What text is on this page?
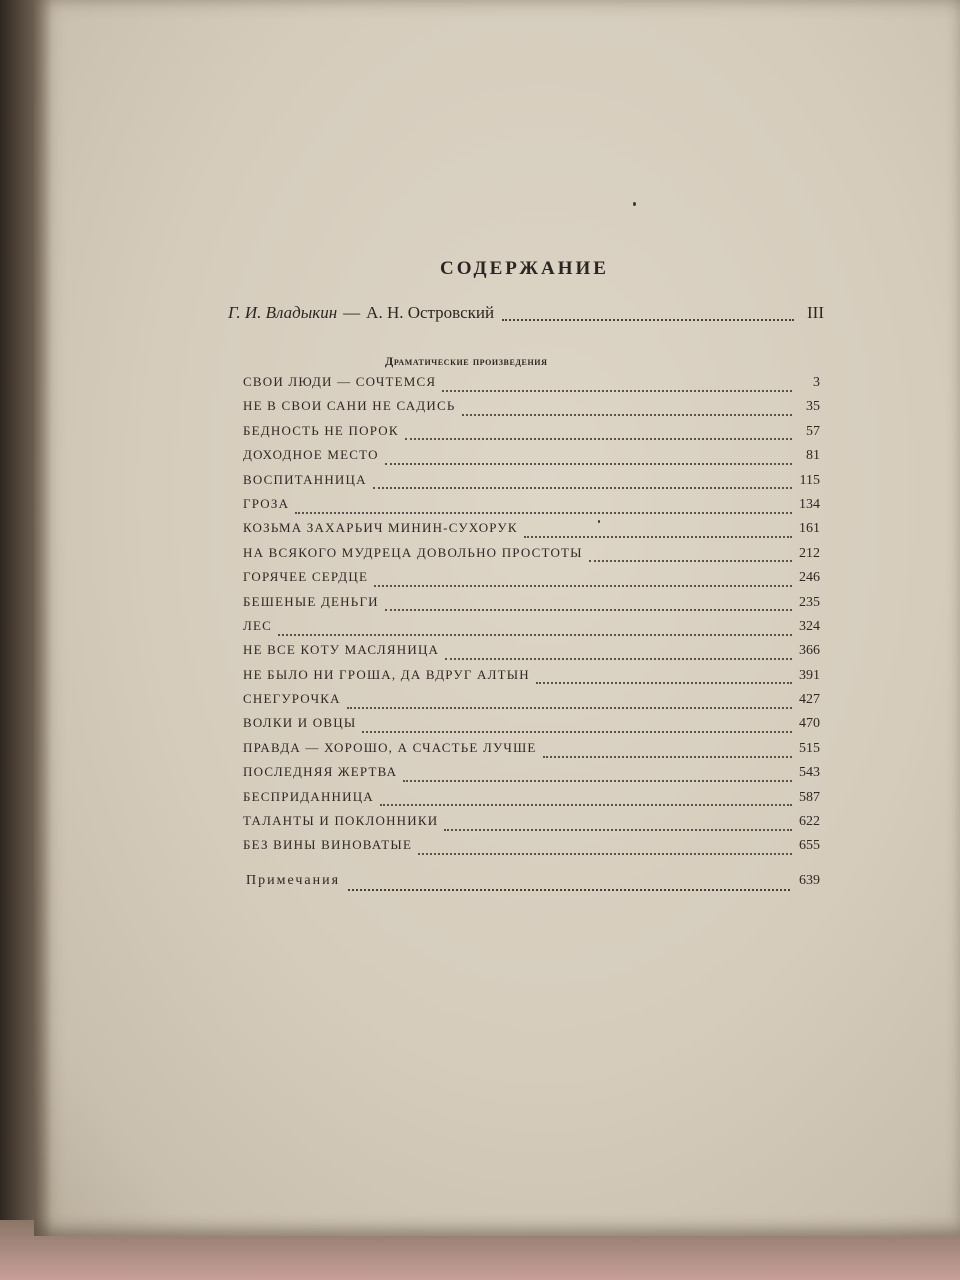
СОДЕРЖАНИЕ
Г. И. Владыкин — А. Н. Островский	III
Драматические произведения
СВОИ ЛЮДИ — СОЧТЕМСЯ	3
НЕ В СВОИ САНИ НЕ САДИСЬ	35
БЕДНОСТЬ НЕ ПОРОК	57
ДОХОДНОЕ МЕСТО	81
ВОСПИТАННИЦА	115
ГРОЗА	134
КОЗЬМА ЗАХАРЬИЧ МИНИН-СУХОРУК	161
НА ВСЯКОГО МУДРЕЦА ДОВОЛЬНО ПРОСТОТЫ	212
ГОРЯЧЕЕ СЕРДЦЕ	246
БЕШЕНЫЕ ДЕНЬГИ	235
ЛЕС	324
НЕ ВСЕ КОТУ МАСЛЯНИЦА	366
НЕ БЫЛО НИ ГРОША, ДА ВДРУГ АЛТЫН	391
СНЕГУРОЧКА	427
ВОЛКИ И ОВЦЫ	470
ПРАВДА — ХОРОШО, А СЧАСТЬЕ ЛУЧШЕ	515
ПОСЛЕДНЯЯ ЖЕРТВА	543
БЕСПРИДАННИЦА	587
ТАЛАНТЫ И ПОКЛОННИКИ	622
БЕЗ ВИНЫ ВИНОВАТЫЕ	655
Примечания	639
